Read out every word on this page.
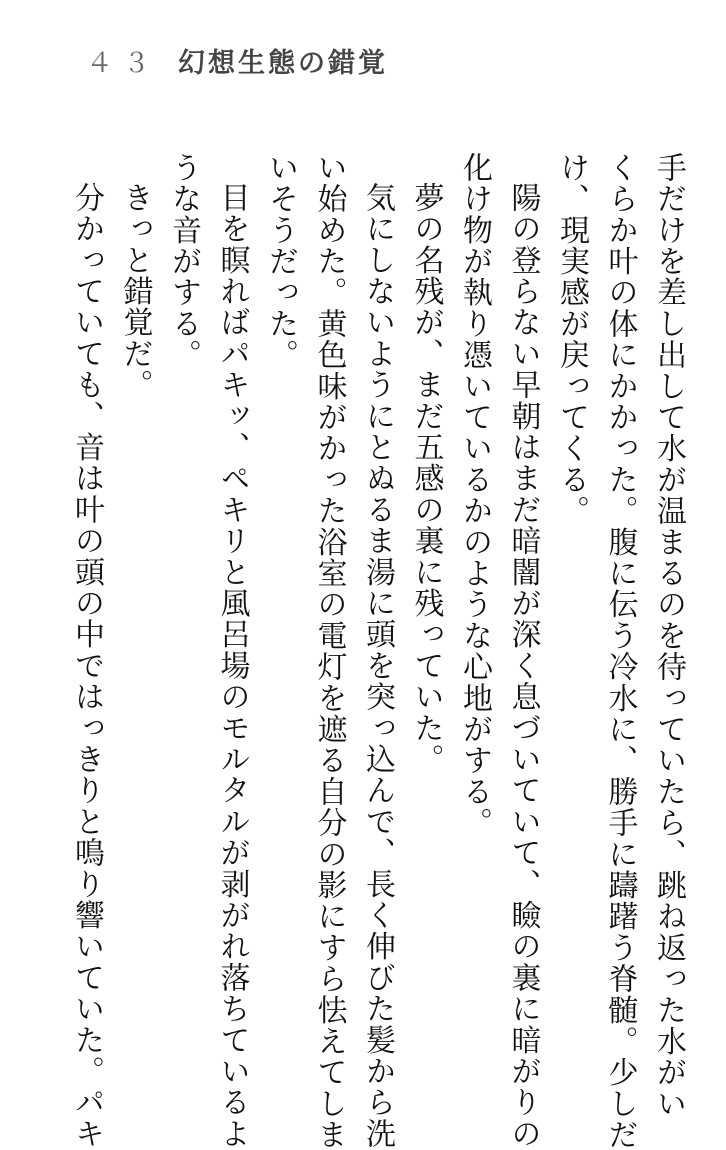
４３ 幻想生態の錯覚
手だけを差し出して水が温まるのを待っていたら、跳ね返った水がい
くらか叶の体にかかった。腹に伝う冷水に、勝手に躊躇う脊髄。少しだ
け、現実感が戻ってくる。
陽の登らない早朝はまだ暗闇が深く息づいていて、瞼の裏に暗がりの
化け物が執り憑いているかのような心地がする。
夢の名残が、まだ五感の裏に残っていた。
気にしないようにとぬるま湯に頭を突っ込んで、長く伸びた髪から洗
い始めた。黄色味がかった浴室の電灯を遮る自分の影にすら怯えてしま
いそうだった。
目を瞑ればパキッ、ペキリと風呂場のモルタルが剥がれ落ちているよ
うな音がする。
きっと錯覚だ。
分かっていても、音は叶の頭の中ではっきりと鳴り響いていた。パキ
